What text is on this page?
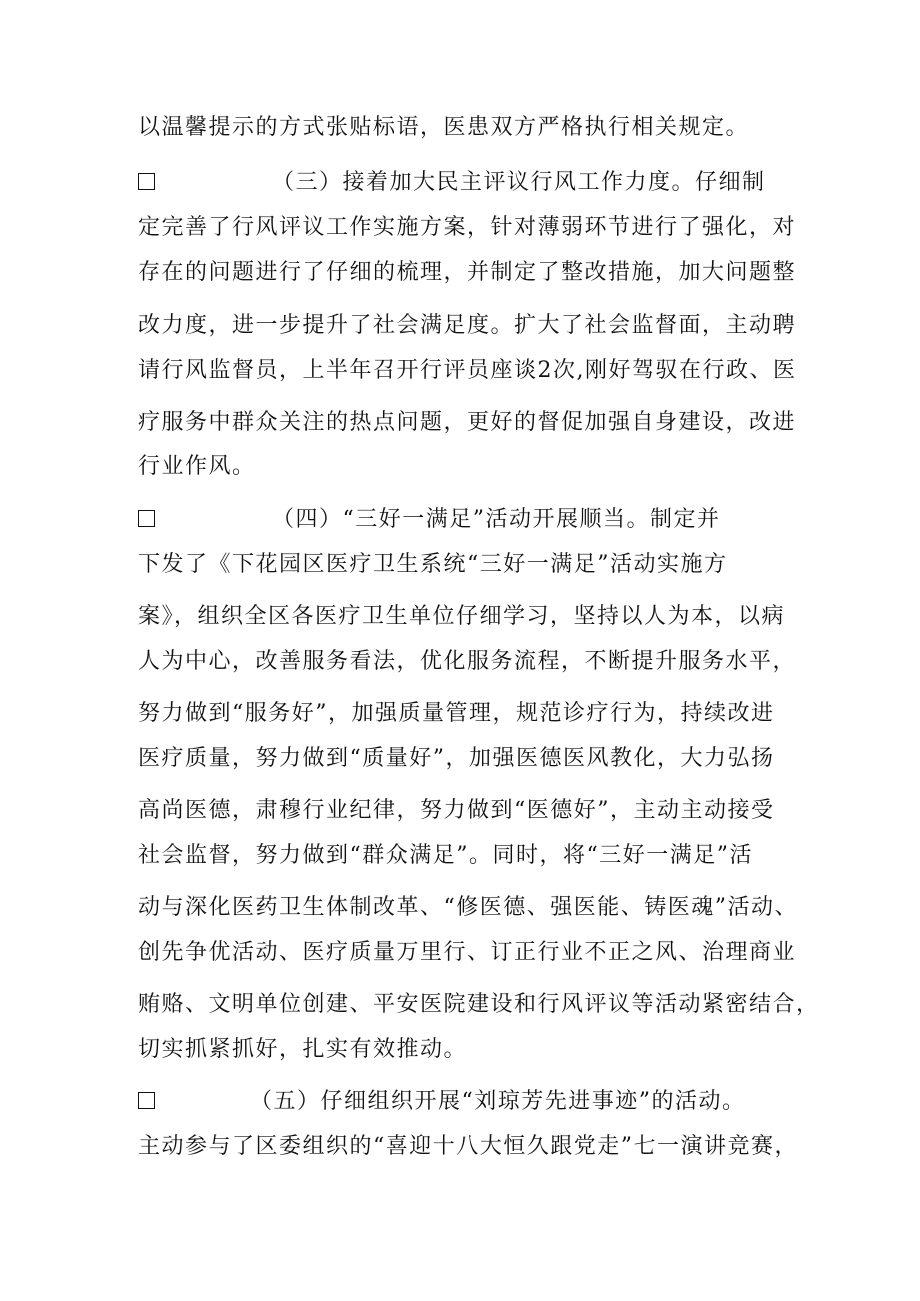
以温馨提示的方式张贴标语，医患双方严格执行相关规定。
（三）接着加大民主评议行风工作力度。仔细制
定完善了行风评议工作实施方案，针对薄弱环节进行了强化，对
存在的问题进行了仔细的梳理，并制定了整改措施，加大问题整
改力度，进一步提升了社会满足度。扩大了社会监督面，主动聘
请行风监督员，上半年召开行评员座谈2次,刚好驾驭在行政、医
疗服务中群众关注的热点问题，更好的督促加强自身建设，改进
行业作风。
（四）“三好一满足”活动开展顺当。制定并
下发了《下花园区医疗卫生系统“三好一满足”活动实施方
案》，组织全区各医疗卫生单位仔细学习，坚持以人为本，以病
人为中心，改善服务看法，优化服务流程，不断提升服务水平，
努力做到“服务好”，加强质量管理，规范诊疗行为，持续改进
医疗质量，努力做到“质量好”，加强医德医风教化，大力弘扬
高尚医德，肃穆行业纪律，努力做到“医德好”，主动主动接受
社会监督，努力做到“群众满足”。同时，将“三好一满足”活
动与深化医药卫生体制改革、“修医德、强医能、铸医魂”活动、
创先争优活动、医疗质量万里行、订正行业不正之风、治理商业
贿赂、文明单位创建、平安医院建设和行风评议等活动紧密结合，
切实抓紧抓好，扎实有效推动。
（五）仔细组织开展“刘琼芳先进事迹”的活动。
主动参与了区委组织的“喜迎十八大恒久跟党走”七一演讲竞赛，
